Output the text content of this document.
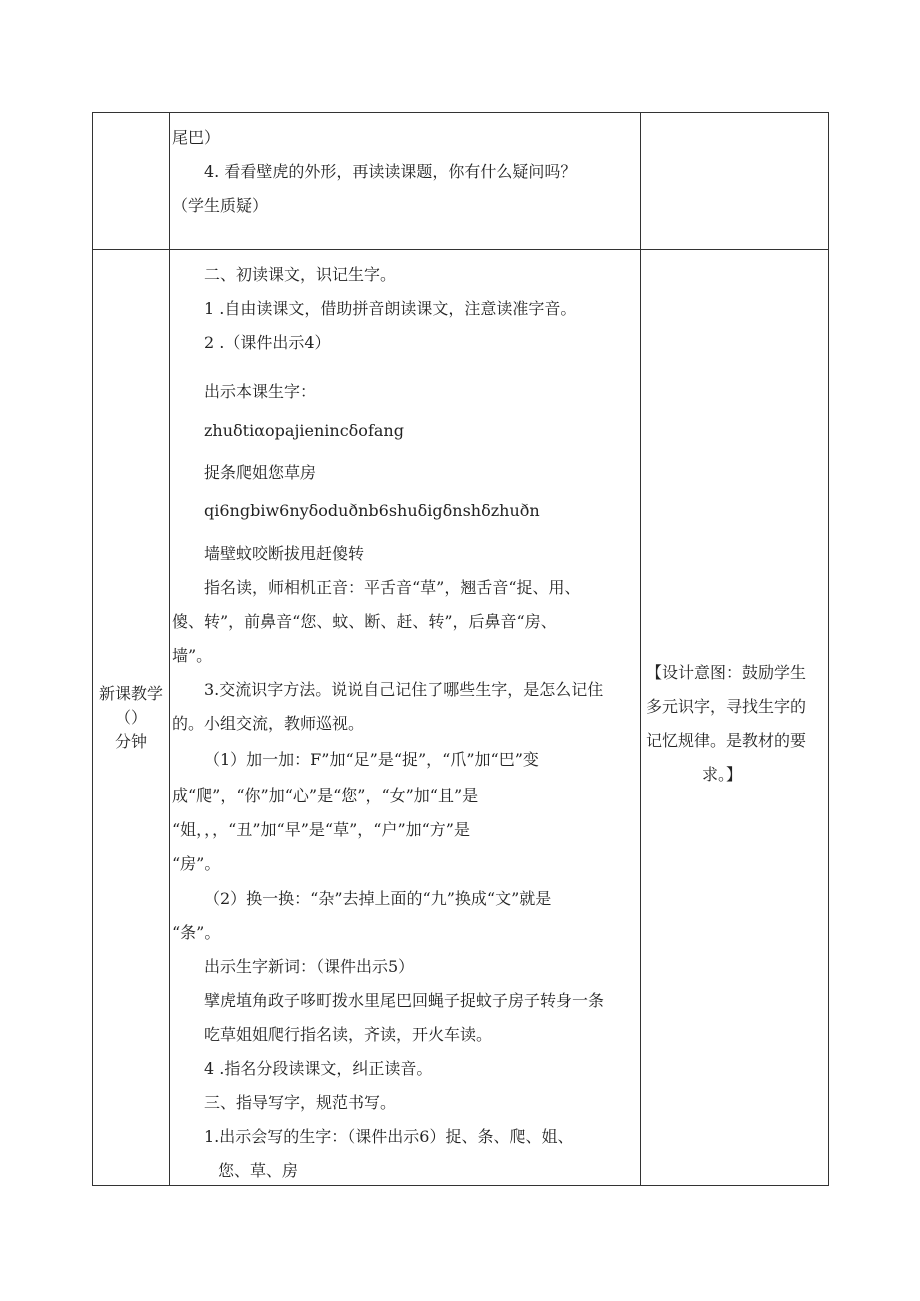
尾巴）
4. 看看壁虎的外形，再读读课题，你有什么疑问吗？
（学生质疑）
新课教学
（）
分钟
二、初读课文，识记生字。
1 .自由读课文，借助拼音朗读课文，注意读准字音。
2 .（课件出示4）
出示本课生字：
zhuδtiαopajieninсδofang
捉条爬姐您草房
qi6ngbiw6nyδoduðnb6shuδigδnshδzhuðn
墙壁蚊咬断拔甩赶傻转
指名读，师相机正音：平舌音“草”，翘舌音“捉、用、
傻、转”，前鼻音“您、蚊、断、赶、转”，后鼻音“房、
墙”。
3.交流识字方法。说说自己记住了哪些生字，是怎么记住
的。小组交流，教师巡视。
（1）加一加：F”加“足”是“捉”，“爪”加“巴”变
成“爬”，“你”加“心”是“您”，“女”加“且”是
“姐，，，“丑”加“早”是“草”，“户”加“方”是
“房”。
（2）换一换：“杂”去掉上面的“九”换成“文”就是
“条”。
出示生字新词：（课件出示5）
擘虎埴角政子哆町拨水里尾巴回蝇子捉蚊子房子转身一条
吃草姐姐爬行指名读，齐读，开火车读。
4 .指名分段读课文，纠正读音。
三、指导写字，规范书写。
1.出示会写的生字：（课件出示6）捉、条、爬、姐、
您、草、房
【设计意图：鼓励学生
多元识字，寻找生字的
记忆规律。是教材的要
求。】
